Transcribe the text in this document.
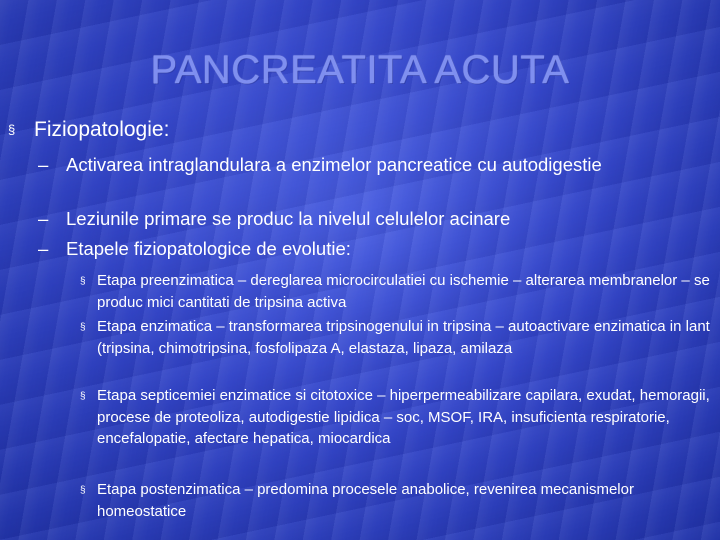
PANCREATITA ACUTA
§ Fiziopatologie:
– Activarea intraglandulara a enzimelor pancreatice cu autodigestie
– Leziunile primare se produc la nivelul celulelor acinare
– Etapele fiziopatologice de evolutie:
§ Etapa preenzimatica – dereglarea microcirculatiei cu ischemie – alterarea membranelor – se produc mici cantitati de tripsina activa
§ Etapa enzimatica – transformarea tripsinogenului in tripsina – autoactivare enzimatica in lant (tripsina, chimotripsina, fosfolipaza A, elastaza, lipaza, amilaza
§ Etapa septicemiei enzimatice si citotoxice – hiperpermeabilizare capilara, exudat, hemoragii, procese de proteoliza, autodigestie lipidica – soc, MSOF, IRA, insuficienta respiratorie, encefalopatie, afectare hepatica, miocardica
§ Etapa postenzimatica – predomina procesele anabolice, revenirea mecanismelor homeostatice
